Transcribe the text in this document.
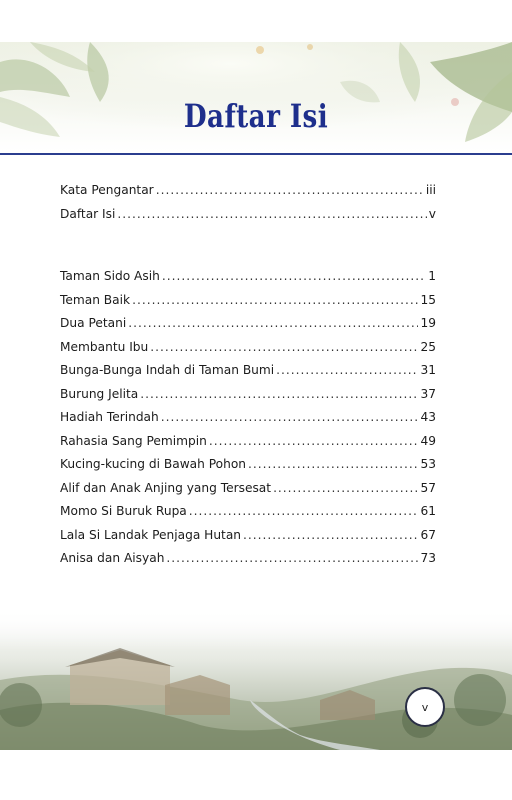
Daftar Isi
Kata Pengantar .....	iii
Daftar Isi .....	v
Taman Sido Asih .....	1
Teman Baik .....	15
Dua Petani .....	19
Membantu Ibu .....	25
Bunga-Bunga Indah di Taman Bumi .....	31
Burung Jelita .....	37
Hadiah Terindah .....	43
Rahasia Sang Pemimpin .....	49
Kucing-kucing di Bawah Pohon .....	53
Alif dan Anak Anjing yang Tersesat .....	57
Momo Si Buruk Rupa .....	61
Lala Si Landak Penjaga Hutan .....	67
Anisa dan Aisyah .....	73
v
